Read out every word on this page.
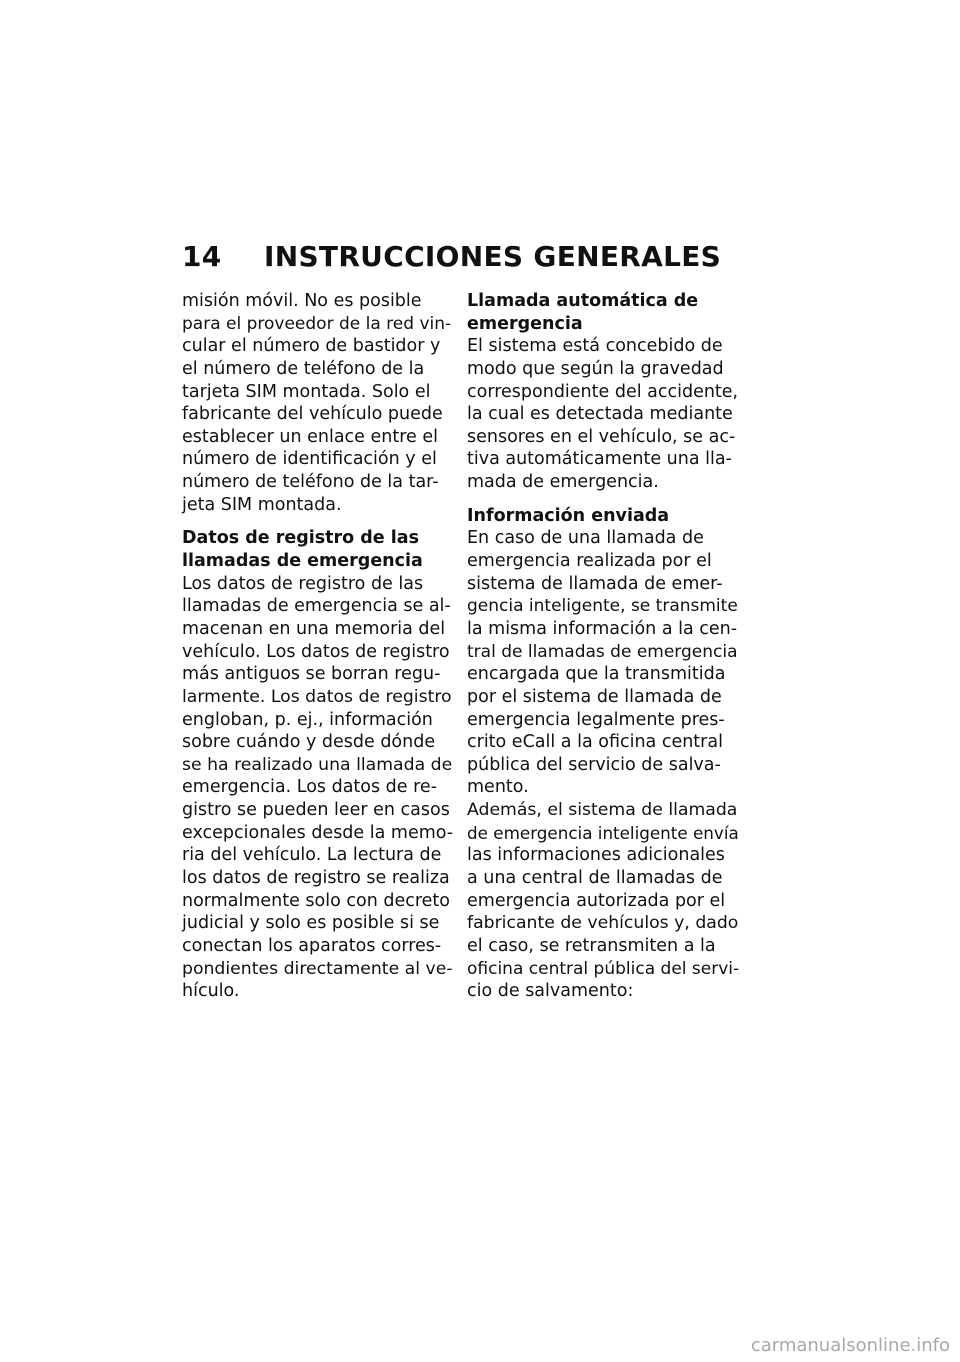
14 INSTRUCCIONES GENERALES
misión móvil. No es posible
para el proveedor de la red vin-
cular el número de bastidor y
el número de teléfono de la
tarjeta SIM montada. Solo el
fabricante del vehículo puede
establecer un enlace entre el
número de identificación y el
número de teléfono de la tar-
jeta SIM montada.
Datos de registro de las
llamadas de emergencia
Los datos de registro de las
llamadas de emergencia se al-
macenan en una memoria del
vehículo. Los datos de registro
más antiguos se borran regu-
larmente. Los datos de registro
engloban, p. ej., información
sobre cuándo y desde dónde
se ha realizado una llamada de
emergencia. Los datos de re-
gistro se pueden leer en casos
excepcionales desde la memo-
ria del vehículo. La lectura de
los datos de registro se realiza
normalmente solo con decreto
judicial y solo es posible si se
conectan los aparatos corres-
pondientes directamente al ve-
hículo.
Llamada automática de
emergencia
El sistema está concebido de
modo que según la gravedad
correspondiente del accidente,
la cual es detectada mediante
sensores en el vehículo, se ac-
tiva automáticamente una lla-
mada de emergencia.
Información enviada
En caso de una llamada de
emergencia realizada por el
sistema de llamada de emer-
gencia inteligente, se transmite
la misma información a la cen-
tral de llamadas de emergencia
encargada que la transmitida
por el sistema de llamada de
emergencia legalmente pres-
crito eCall a la oficina central
pública del servicio de salva-
mento.
Además, el sistema de llamada
de emergencia inteligente envía
las informaciones adicionales
a una central de llamadas de
emergencia autorizada por el
fabricante de vehículos y, dado
el caso, se retransmiten a la
oficina central pública del servi-
cio de salvamento:
carmanualsonline.info
